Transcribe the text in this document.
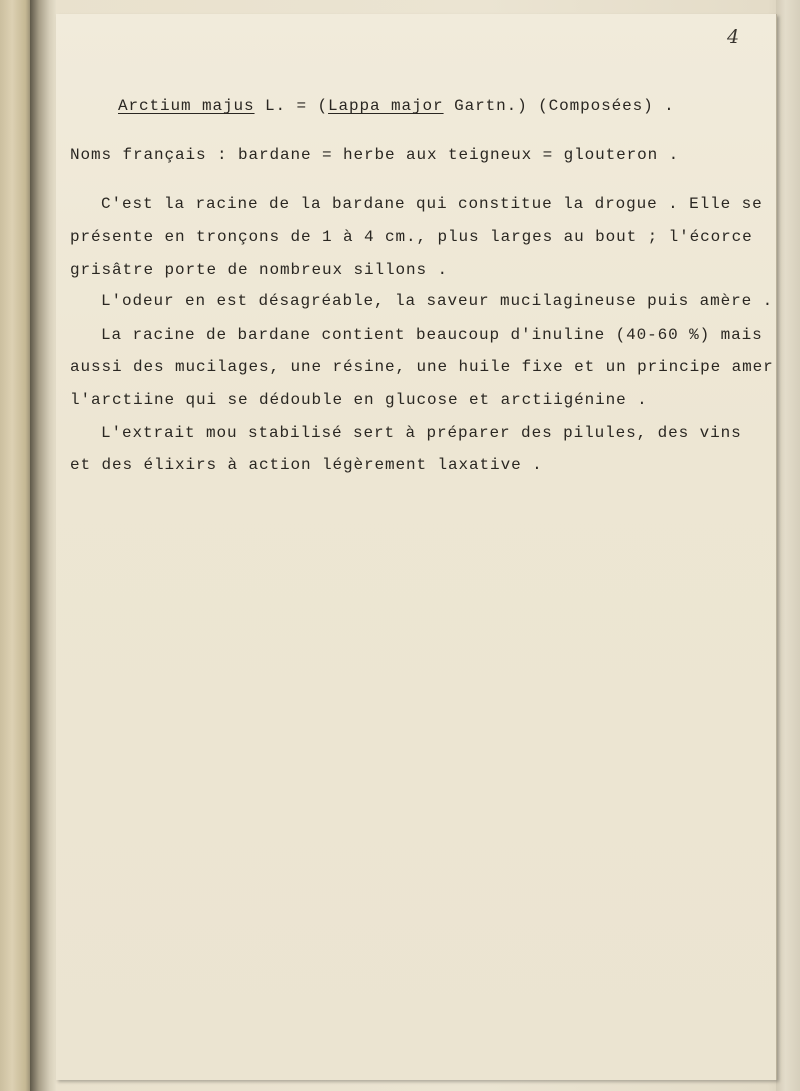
4
Arctium majus L. = (Lappa major Gartn.) (Composées) .
Noms français : bardane = herbe aux teigneux = glouteron .
C'est la racine de la bardane qui constitue la drogue . Elle se
présente en tronçons de 1 à 4 cm., plus larges au bout ; l'écorce
grisâtre porte de nombreux sillons .
L'odeur en est désagréable, la saveur mucilagineuse puis amère .
La racine de bardane contient beaucoup d'inuline (40-60 %) mais
aussi des mucilages, une résine, une huile fixe et un principe amer
l'arctiine qui se dédouble en glucose et arctiigénine .
L'extrait mou stabilisé sert à préparer des pilules, des vins
et des élixirs à action légèrement laxative .
